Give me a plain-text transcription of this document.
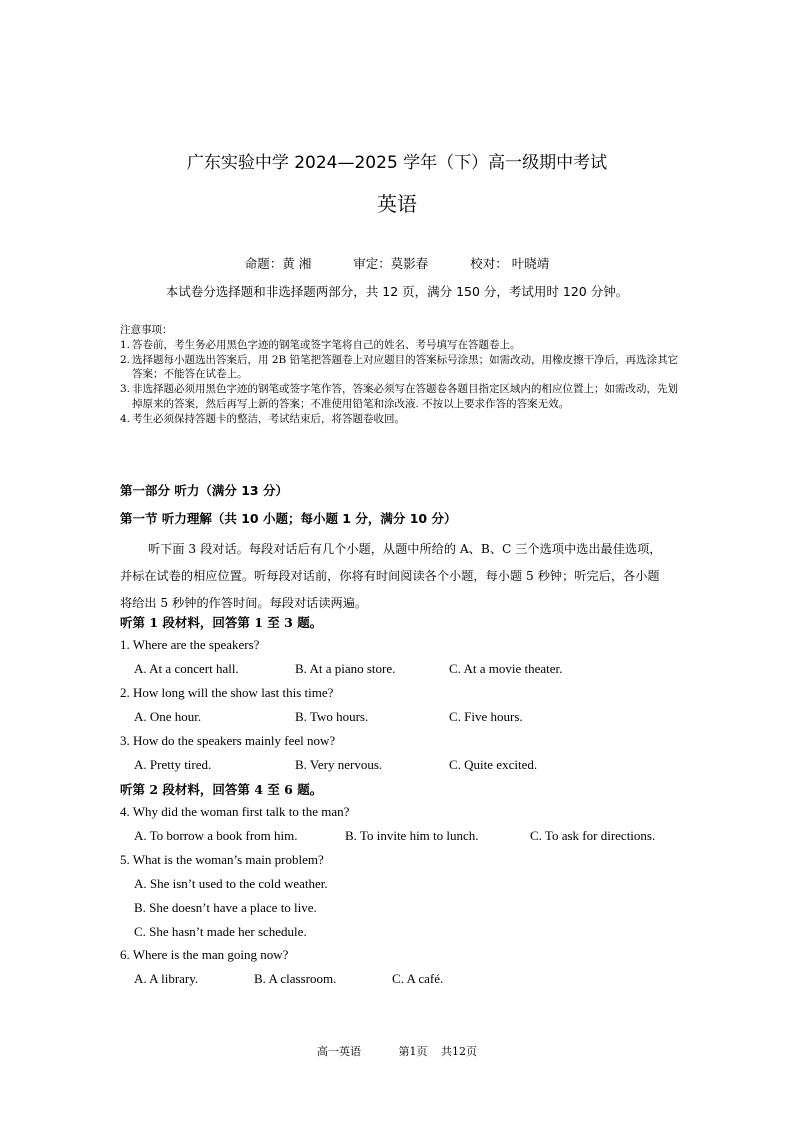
广东实验中学 2024—2025 学年（下）高一级期中考试
英语
命题：黄 湘	审定：莫影春	校对： 叶晓靖
本试卷分选择题和非选择题两部分，共 12 页，满分 150 分，考试用时 120 分钟。
注意事项：
1. 答卷前，考生务必用黑色字迹的钢笔或签字笔将自己的姓名、考号填写在答题卷上。
2. 选择题每小题选出答案后，用 2B 铅笔把答题卷上对应题目的答案标号涂黑；如需改动，用橡皮擦干净后，再选涂其它答案；不能答在试卷上。
3. 非选择题必须用黑色字迹的钢笔或签字笔作答，答案必须写在答题卷各题目指定区域内的相应位置上；如需改动，先划掉原来的答案，然后再写上新的答案；不准使用铅笔和涂改液. 不按以上要求作答的答案无效。
4. 考生必须保持答题卡的整洁，考试结束后，将答题卷收回。
第一部分 听力（满分 13 分）
第一节 听力理解（共 10 小题；每小题 1 分，满分 10 分）
听下面 3 段对话。每段对话后有几个小题，从题中所给的 A、B、C 三个选项中选出最佳选项，并标在试卷的相应位置。听每段对话前，你将有时间阅读各个小题，每小题 5 秒钟；听完后，各小题将给出 5 秒钟的作答时间。每段对话读两遍。
听第 1 段材料，回答第 1 至 3 题。
1. Where are the speakers?
A. At a concert hall.	B. At a piano store.	C. At a movie theater.
2. How long will the show last this time?
A. One hour.	B. Two hours.	C. Five hours.
3. How do the speakers mainly feel now?
A. Pretty tired.	B. Very nervous.	C. Quite excited.
听第 2 段材料，回答第 4 至 6 题。
4. Why did the woman first talk to the man?
A. To borrow a book from him.	B. To invite him to lunch.	C. To ask for directions.
5. What is the woman’s main problem?
A. She isn’t used to the cold weather.
B. She doesn’t have a place to live.
C. She hasn’t made her schedule.
6. Where is the man going now?
A. A library.	B. A classroom.	C. A café.
高一英语	第1页 共12页
